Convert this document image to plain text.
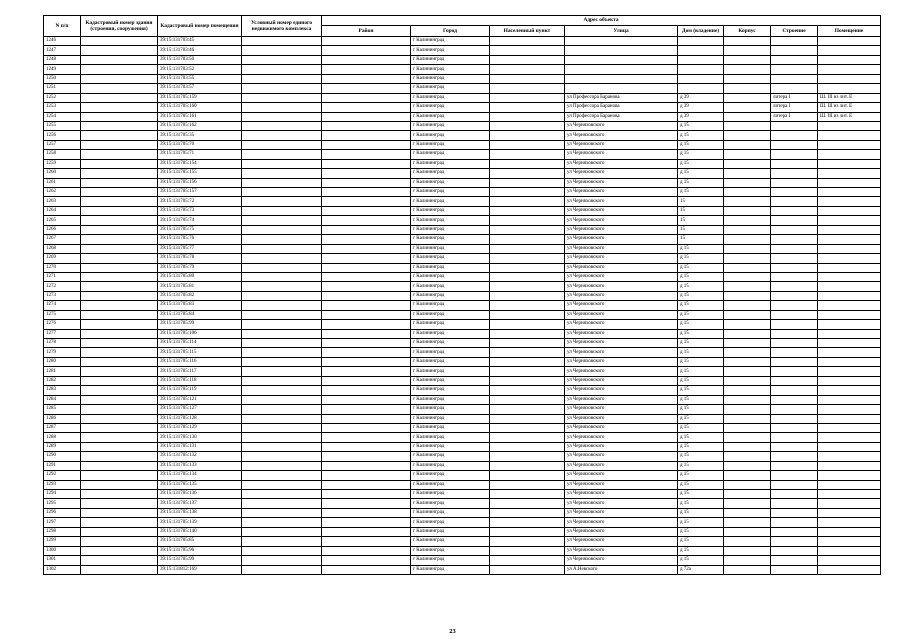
N п/п	Кадастровый номер здания (строения, сооружения)	Кадастровый номер помещения	Условный номер единого недвижимого комплекса	Адрес объекта							
				Район	Город	Населенный пункт	Улица	Дом (владение)	Корпус	Строение	Помещение
1246		39:15:131703:45			г Калининград						
1247		39:15:131703:46			г Калининград						
1248		39:15:131703:50			г Калининград						
1249		39:15:131703:52			г Калининград						
1250		39:15:131703:55			г Калининград						
1251		39:15:131703:57			г Калининград						
1252		39:15:131705:159			г Калининград		ул Профессора Баранова	д 39		литера I	Ш. III из лит. Е
1253		39:15:131705:160			г Калининград		ул Профессора Баранова	д 39		литера I	Ш. III из лит. Е
1254		39:15:131705:161			г Калининград		ул Профессора Баранова	д 39		литера I	Ш. III из лит. Е
1255		39:15:131705:162			г Калининград		ул Черняховского	д 15			
1256		39:15:131705:35			г Калининград		ул Черняховского	д 15			
1257		39:15:131705:70			г Калининград		ул Черняховского	д 15			
1258		39:15:131705:71			г Калининград		ул Черняховского	д 15			
1259		39:15:131705:154			г Калининград		ул Черняховского	д 15			
1260		39:15:131705:155			г Калининград		ул Черняховского	д 15			
1261		39:15:131705:156			г Калининград		ул Черняховского	д 15			
1262		39:15:131705:157			г Калининград		ул Черняховского	д 15			
1263		39:15:131705:72			г Калининград		ул Черняховского	15			
1264		39:15:131705:73			г Калининград		ул Черняховского	15			
1265		39:15:131705:74			г Калининград		ул Черняховского	15			
1266		39:15:131705:75			г Калининград		ул Черняховского	15			
1267		39:15:131705:76			г Калининград		ул Черняховского	15			
1268		39:15:131705:77			г Калининград		ул Черняховского	д 15			
1269		39:15:131705:78			г Калининград		ул Черняховского	д 15			
1270		39:15:131705:79			г Калининград		ул Черняховского	д 15			
1271		39:15:131705:80			г Калининград		ул Черняховского	д 15			
1272		39:15:131705:81			г Калининград		ул Черняховского	д 15			
1273		39:15:131705:82			г Калининград		ул Черняховского	д 15			
1274		39:15:131705:83			г Калининград		ул Черняховского	д 15			
1275		39:15:131705:84			г Калининград		ул Черняховского	д 15			
1276		39:15:131705:99			г Калининград		ул Черняховского	д 15			
1277		39:15:131705:106			г Калининград		ул Черняховского	д 15			
1278		39:15:131705:114			г Калининград		ул Черняховского	д 15			
1279		39:15:131705:115			г Калининград		ул Черняховского	д 15			
1280		39:15:131705:116			г Калининград		ул Черняховского	д 15			
1281		39:15:131705:117			г Калининград		ул Черняховского	д 15			
1282		39:15:131705:118			г Калининград		ул Черняховского	д 15			
1283		39:15:131705:119			г Калининград		ул Черняховского	д 15			
1284		39:15:131705:121			г Калининград		ул Черняховского	д 15			
1285		39:15:131705:127			г Калининград		ул Черняховского	д 15			
1286		39:15:131705:128			г Калининград		ул Черняховского	д 15			
1287		39:15:131705:129			г Калининград		ул Черняховского	д 15			
1288		39:15:131705:130			г Калининград		ул Черняховского	д 15			
1289		39:15:131705:131			г Калининград		ул Черняховского	д 15			
1290		39:15:131705:132			г Калининград		ул Черняховского	д 15			
1291		39:15:131705:133			г Калининград		ул Черняховского	д 15			
1292		39:15:131705:134			г Калининград		ул Черняховского	д 15			
1293		39:15:131705:135			г Калининград		ул Черняховского	д 15			
1294		39:15:131705:136			г Калининград		ул Черняховского	д 15			
1295		39:15:131705:137			г Калининград		ул Черняховского	д 15			
1296		39:15:131705:138			г Калининград		ул Черняховского	д 15			
1297		39:15:131705:139			г Калининград		ул Черняховского	д 15			
1298		39:15:131705:140			г Калининград		ул Черняховского	д 15			
1299		39:15:131705:85			г Калининград		ул Черняховского	д 15			
1300		39:15:131705:96			г Калининград		ул Черняховского	д 15			
1301		39:15:131705:99			г Калининград		ул Черняховского	д 15			
1302		39:15:131812:169			г Калининград		ул А.Невского	д 72а			
23
